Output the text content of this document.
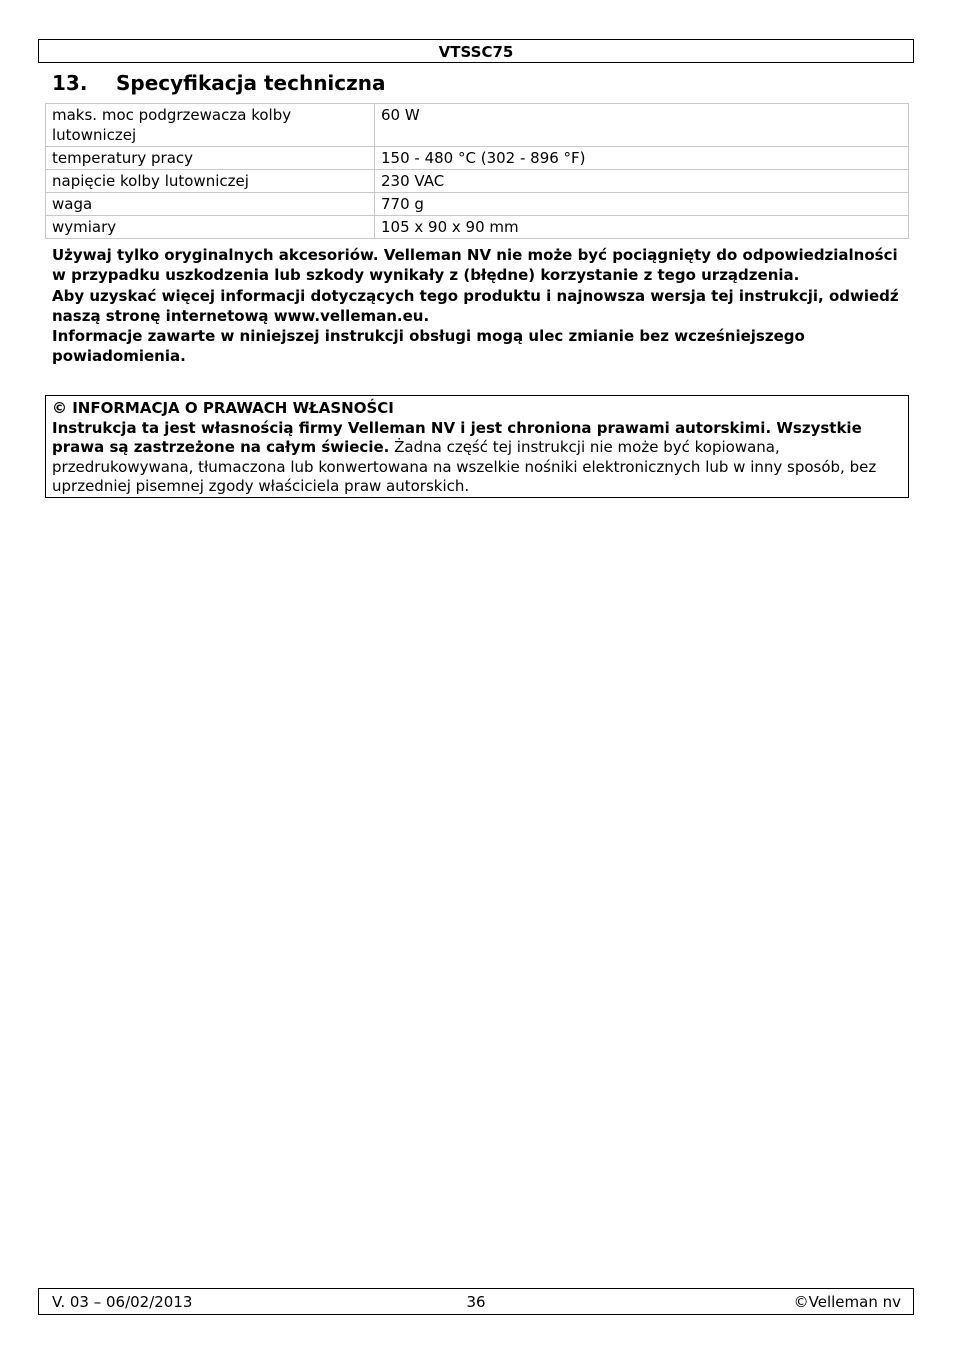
VTSSC75
13. Specyfikacja techniczna
maks. moc podgrzewacza kolby lutowniczej	60 W
temperatury pracy	150 - 480 °C (302 - 896 °F)
napięcie kolby lutowniczej	230 VAC
waga	770 g
wymiary	105 x 90 x 90 mm

Używaj tylko oryginalnych akcesoriów. Velleman NV nie może być pociągnięty do odpowiedzialności w przypadku uszkodzenia lub szkody wynikały z (błędne) korzystanie z tego urządzenia.

Aby uzyskać więcej informacji dotyczących tego produktu i najnowsza wersja tej instrukcji, odwiedź naszą stronę internetową www.velleman.eu.

Informacje zawarte w niniejszej instrukcji obsługi mogą ulec zmianie bez wcześniejszego powiadomienia.

© INFORMACJA O PRAWACH WŁASNOŚCI
Instrukcja ta jest własnością firmy Velleman NV i jest chroniona prawami autorskimi. Wszystkie prawa są zastrzeżone na całym świecie. Żadna część tej instrukcji nie może być kopiowana, przedrukowywana, tłumaczona lub konwertowana na wszelkie nośniki elektronicznych lub w inny sposób, bez uprzedniej pisemnej zgody właściciela praw autorskich.
V. 03 – 06/02/2013	36	©Velleman nv
